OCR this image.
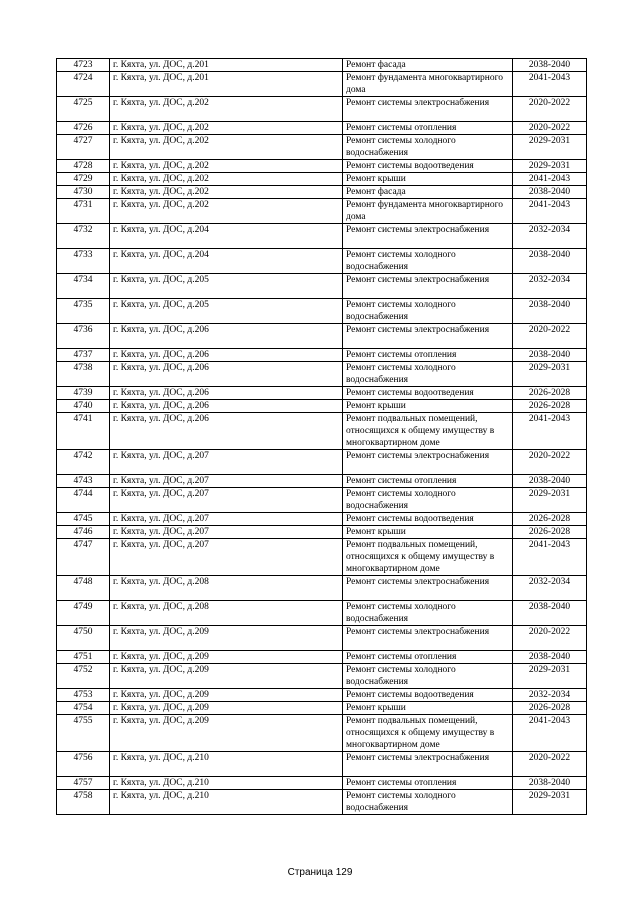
4723	г. Кяхта, ул. ДОС, д.201	Ремонт фасада	2038-2040
4724	г. Кяхта, ул. ДОС, д.201	Ремонт фундамента многоквартирного дома	2041-2043
4725	г. Кяхта, ул. ДОС, д.202	Ремонт системы электроснабжения	2020-2022
4726	г. Кяхта, ул. ДОС, д.202	Ремонт системы отопления	2020-2022
4727	г. Кяхта, ул. ДОС, д.202	Ремонт системы холодного водоснабжения	2029-2031
4728	г. Кяхта, ул. ДОС, д.202	Ремонт системы водоотведения	2029-2031
4729	г. Кяхта, ул. ДОС, д.202	Ремонт крыши	2041-2043
4730	г. Кяхта, ул. ДОС, д.202	Ремонт фасада	2038-2040
4731	г. Кяхта, ул. ДОС, д.202	Ремонт фундамента многоквартирного дома	2041-2043
4732	г. Кяхта, ул. ДОС, д.204	Ремонт системы электроснабжения	2032-2034
4733	г. Кяхта, ул. ДОС, д.204	Ремонт системы холодного водоснабжения	2038-2040
4734	г. Кяхта, ул. ДОС, д.205	Ремонт системы электроснабжения	2032-2034
4735	г. Кяхта, ул. ДОС, д.205	Ремонт системы холодного водоснабжения	2038-2040
4736	г. Кяхта, ул. ДОС, д.206	Ремонт системы электроснабжения	2020-2022
4737	г. Кяхта, ул. ДОС, д.206	Ремонт системы отопления	2038-2040
4738	г. Кяхта, ул. ДОС, д.206	Ремонт системы холодного водоснабжения	2029-2031
4739	г. Кяхта, ул. ДОС, д.206	Ремонт системы водоотведения	2026-2028
4740	г. Кяхта, ул. ДОС, д.206	Ремонт крыши	2026-2028
4741	г. Кяхта, ул. ДОС, д.206	Ремонт подвальных помещений, относящихся к общему имуществу в многоквартирном доме	2041-2043
4742	г. Кяхта, ул. ДОС, д.207	Ремонт системы электроснабжения	2020-2022
4743	г. Кяхта, ул. ДОС, д.207	Ремонт системы отопления	2038-2040
4744	г. Кяхта, ул. ДОС, д.207	Ремонт системы холодного водоснабжения	2029-2031
4745	г. Кяхта, ул. ДОС, д.207	Ремонт системы водоотведения	2026-2028
4746	г. Кяхта, ул. ДОС, д.207	Ремонт крыши	2026-2028
4747	г. Кяхта, ул. ДОС, д.207	Ремонт подвальных помещений, относящихся к общему имуществу в многоквартирном доме	2041-2043
4748	г. Кяхта, ул. ДОС, д.208	Ремонт системы электроснабжения	2032-2034
4749	г. Кяхта, ул. ДОС, д.208	Ремонт системы холодного водоснабжения	2038-2040
4750	г. Кяхта, ул. ДОС, д.209	Ремонт системы электроснабжения	2020-2022
4751	г. Кяхта, ул. ДОС, д.209	Ремонт системы отопления	2038-2040
4752	г. Кяхта, ул. ДОС, д.209	Ремонт системы холодного водоснабжения	2029-2031
4753	г. Кяхта, ул. ДОС, д.209	Ремонт системы водоотведения	2032-2034
4754	г. Кяхта, ул. ДОС, д.209	Ремонт крыши	2026-2028
4755	г. Кяхта, ул. ДОС, д.209	Ремонт подвальных помещений, относящихся к общему имуществу в многоквартирном доме	2041-2043
4756	г. Кяхта, ул. ДОС, д.210	Ремонт системы электроснабжения	2020-2022
4757	г. Кяхта, ул. ДОС, д.210	Ремонт системы отопления	2038-2040
4758	г. Кяхта, ул. ДОС, д.210	Ремонт системы холодного водоснабжения	2029-2031
Страница 129
